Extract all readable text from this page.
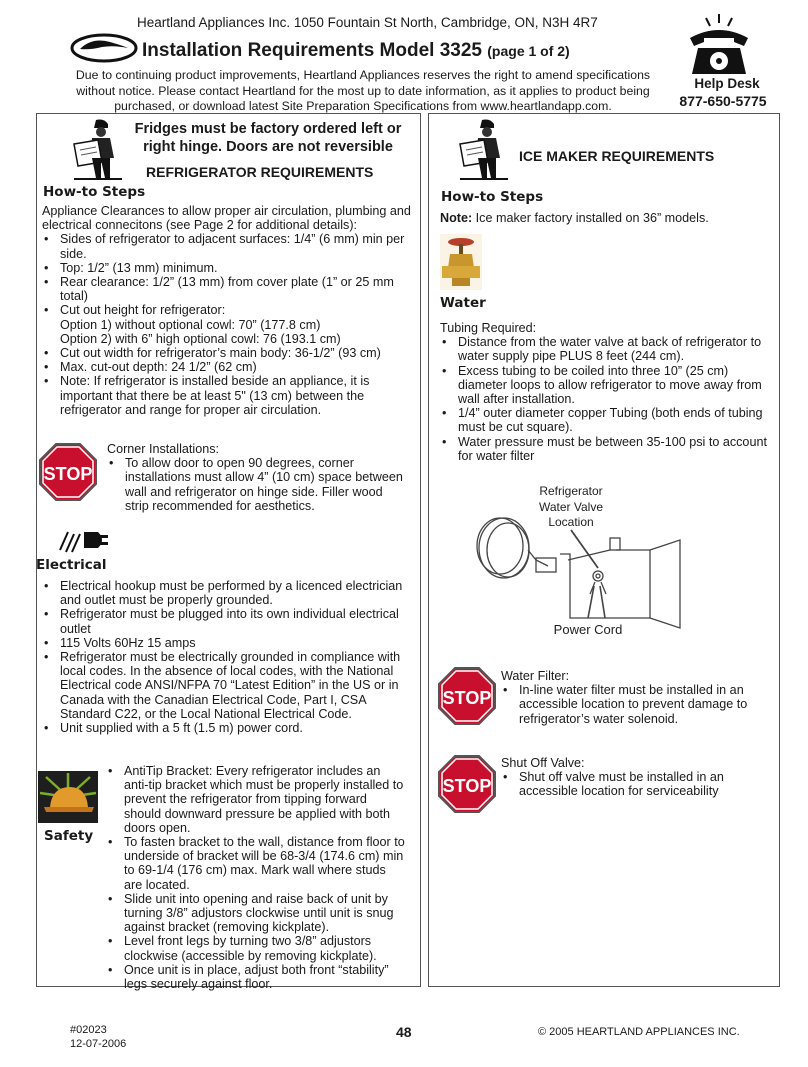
Heartland Appliances Inc. 1050 Fountain St North, Cambridge, ON, N3H 4R7
Installation Requirements Model 3325 (page 1 of 2)
Due to continuing product improvements, Heartland Appliances reserves the right to amend specifications without notice. Please contact Heartland for the most up to date information, as it applies to product being purchased, or download latest Site Preparation Specifications from www.heartlandapp.com.
Help Desk
877-650-5775
Fridges must be factory ordered left or right hinge. Doors are not reversible
REFRIGERATOR REQUIREMENTS
How-to Steps
Appliance Clearances to allow proper air circulation, plumbing and electrical connecitons (see Page 2 for additional details):
• Sides of refrigerator to adjacent surfaces: 1/4” (6 mm) min per side.
• Top: 1/2” (13 mm) minimum.
• Rear clearance: 1/2” (13 mm) from cover plate (1” or 25 mm total)
• Cut out height for refrigerator:
Option 1) without optional cowl: 70” (177.8 cm)
Option 2) with 6” high optional cowl: 76 (193.1 cm)
• Cut out width for refrigerator’s main body: 36-1/2” (93 cm)
• Max. cut-out depth: 24 1/2” (62 cm)
• Note: If refrigerator is installed beside an appliance, it is important that there be at least 5" (13 cm) between the refrigerator and range for proper air circulation.
STOP
Corner Installations:
• To allow door to open 90 degrees, corner installations must allow 4” (10 cm) space between wall and refrigerator on hinge side. Filler wood strip recommended for aesthetics.
Electrical
• Electrical hookup must be performed by a licenced electrician and outlet must be properly grounded.
• Refrigerator must be plugged into its own individual electrical outlet
• 115 Volts 60Hz 15 amps
• Refrigerator must be electrically grounded in compliance with local codes. In the absence of local codes, with the National Electrical code ANSI/NFPA 70 “Latest Edition” in the US or in Canada with the Canadian Electrical Code, Part I, CSA Standard C22, or the Local National Electrical Code.
• Unit supplied with a 5 ft (1.5 m) power cord.
Safety
• AntiTip Bracket: Every refrigerator includes an anti-tip bracket which must be properly installed to prevent the refrigerator from tipping forward should downward pressure be applied with both doors open.
• To fasten bracket to the wall, distance from floor to underside of bracket will be 68-3/4 (174.6 cm) min to 69-1/4 (176 cm) max. Mark wall where studs are located.
• Slide unit into opening and raise back of unit by turning 3/8” adjustors clockwise until unit is snug against bracket (removing kickplate).
• Level front legs by turning two 3/8” adjustors clockwise (accessible by removing kickplate).
• Once unit is in place, adjust both front “stability” legs securely against floor.
ICE MAKER REQUIREMENTS
How-to Steps
Note: Ice maker factory installed on 36” models.
Water
Tubing Required:
• Distance from the water valve at back of refrigerator to water supply pipe PLUS 8 feet (244 cm).
• Excess tubing to be coiled into three 10” (25 cm) diameter loops to allow refrigerator to move away from wall after installation.
• 1/4” outer diameter copper Tubing (both ends of tubing must be cut square).
• Water pressure must be between 35-100 psi to account for water filter
Refrigerator
Water Valve
Location
Power Cord
STOP
Water Filter:
• In-line water filter must be installed in an accessible location to prevent damage to refrigerator’s water solenoid.
STOP
Shut Off Valve:
• Shut off valve must be installed in an accessible location for serviceability
#02023
12-07-2006
48	© 2005 HEARTLAND APPLIANCES INC.
